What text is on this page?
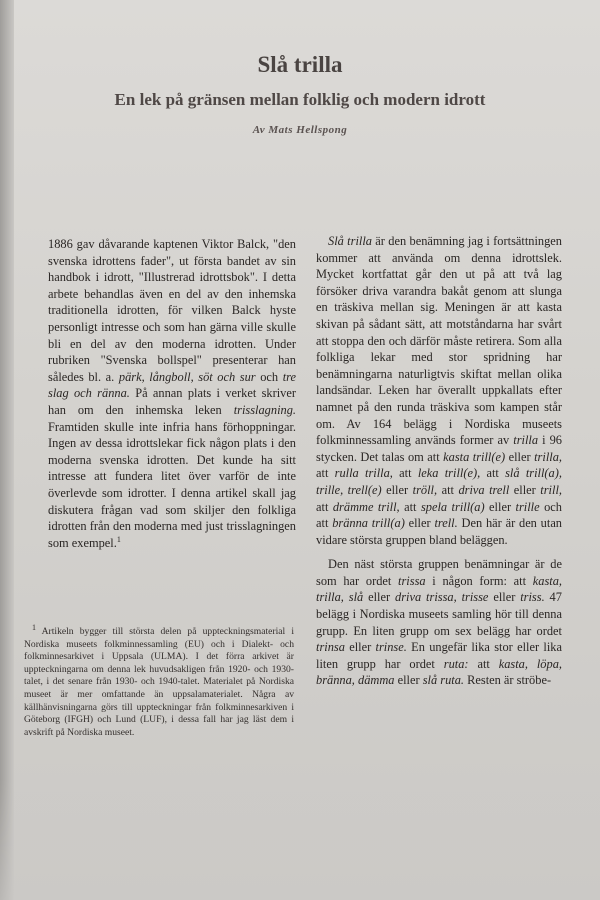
Slå trilla
En lek på gränsen mellan folklig och modern idrott
Av Mats Hellspong

1886 gav dåvarande kaptenen Viktor Balck, "den svenska idrottens fader", ut första bandet av sin handbok i idrott, "Illustrerad idrottsbok". I detta arbete behandlas även en del av den inhemska traditionella idrotten, för vilken Balck hyste personligt intresse och som han gärna ville skulle bli en del av den moderna idrotten. Under rubriken "Svenska bollspel" presenterar han således bl. a. pärk, långboll, söt och sur och tre slag och ränna. På annan plats i verket skriver han om den inhemska leken trisslagning. Framtiden skulle inte infria hans förhoppningar. Ingen av dessa idrottslekar fick någon plats i den moderna svenska idrotten. Det kunde ha sitt intresse att fundera litet över varför de inte överlevde som idrotter. I denna artikel skall jag diskutera frågan vad som skiljer den folkliga idrotten från den moderna med just trisslagningen som exempel.$^1$

$^1$ Artikeln bygger till största delen på uppteckningsmaterial i Nordiska museets folkminnessamling (EU) och i Dialekt- och folkminnesarkivet i Uppsala (ULMA). I det förra arkivet är uppteckningarna om denna lek huvudsakligen från 1920- och 1930-talet, i det senare från 1930- och 1940-talet. Materialet på Nordiska museet är mer omfattande än uppsalamaterialet. Några av källhänvisningarna görs till uppteckningar från folkminnesarkiven i Göteborg (IFGH) och Lund (LUF), i dessa fall har jag läst dem i avskrift på Nordiska museet.

Slå trilla är den benämning jag i fortsättningen kommer att använda om denna idrottslek. Mycket kortfattat går den ut på att två lag försöker driva varandra bakåt genom att slunga en träskiva mellan sig. Meningen är att kasta skivan på sådant sätt, att motståndarna har svårt att stoppa den och därför måste retirera. Som alla folkliga lekar med stor spridning har benämningarna naturligtvis skiftat mellan olika landsändar. Leken har överallt uppkallats efter namnet på den runda träskiva som kampen står om. Av 164 belägg i Nordiska museets folkminnessamling används former av trilla i 96 stycken. Det talas om att kasta trill(e) eller trilla, att rulla trilla, att leka trill(e), att slå trill(a), trille, trell(e) eller tröll, att driva trell eller trill, att drämme trill, att spela trill(a) eller trille och att bränna trill(a) eller trell. Den här är den utan vidare största gruppen bland beläggen.

Den näst största gruppen benämningar är de som har ordet trissa i någon form: att kasta, trilla, slå eller driva trissa, trisse eller triss. 47 belägg i Nordiska museets samling hör till denna grupp. En liten grupp om sex belägg har ordet trinsa eller trinse. En ungefär lika stor eller lika liten grupp har ordet ruta: att kasta, löpa, bränna, dämma eller slå ruta. Resten är ströbe-
